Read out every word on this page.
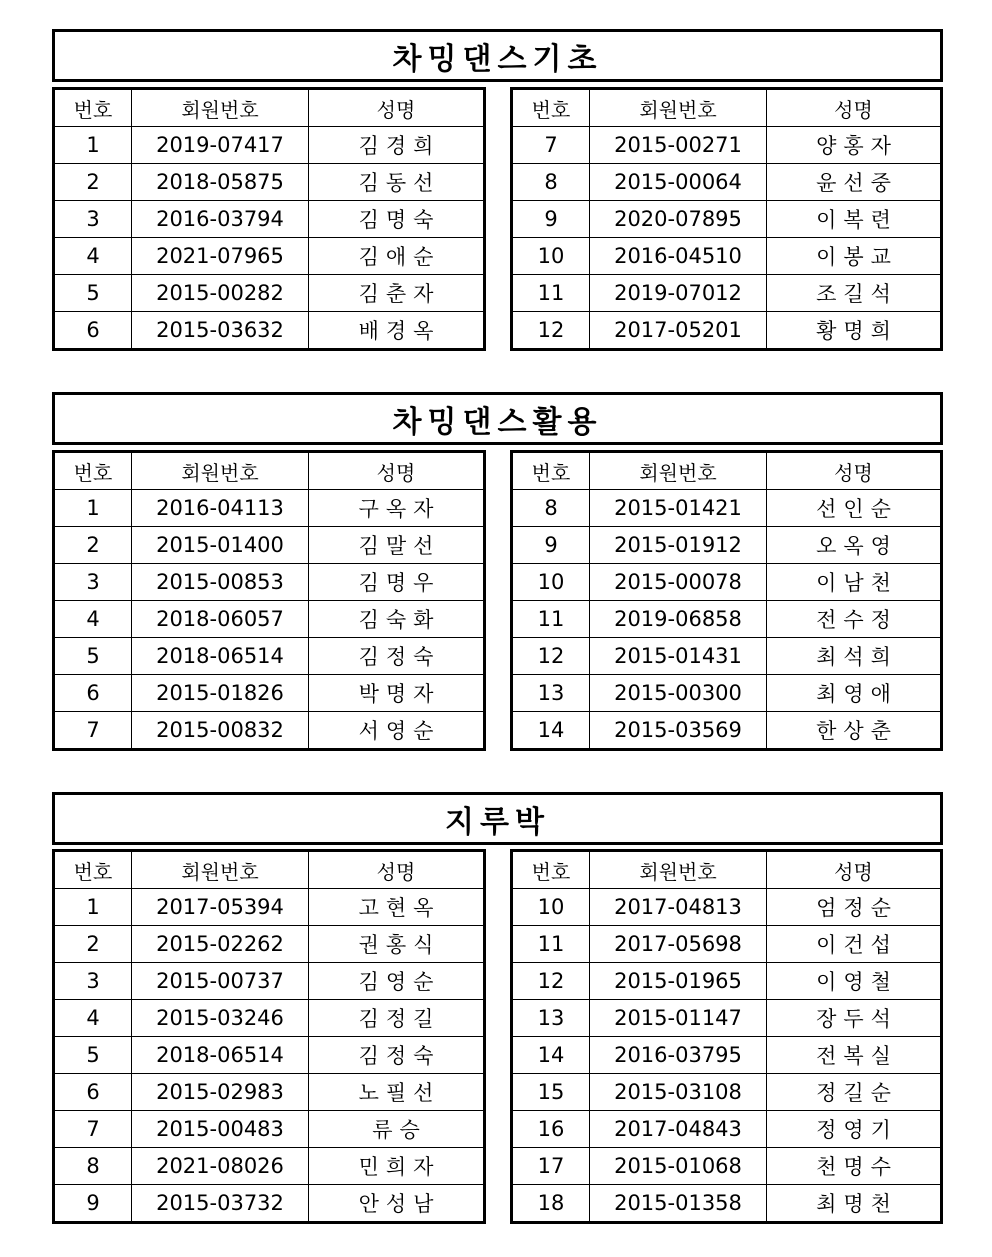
차밍댄스기초
번호	회원번호	성명
1	2019-07417	김경희
2	2018-05875	김동선
3	2016-03794	김명숙
4	2021-07965	김애순
5	2015-00282	김춘자
6	2015-03632	배경옥
번호	회원번호	성명
7	2015-00271	양홍자
8	2015-00064	윤선중
9	2020-07895	이복련
10	2016-04510	이봉교
11	2019-07012	조길석
12	2017-05201	황명희
차밍댄스활용
번호	회원번호	성명
1	2016-04113	구옥자
2	2015-01400	김말선
3	2015-00853	김명우
4	2018-06057	김숙화
5	2018-06514	김정숙
6	2015-01826	박명자
7	2015-00832	서영순
번호	회원번호	성명
8	2015-01421	선인순
9	2015-01912	오옥영
10	2015-00078	이남천
11	2019-06858	전수정
12	2015-01431	최석희
13	2015-00300	최영애
14	2015-03569	한상춘
지루박
번호	회원번호	성명
1	2017-05394	고현옥
2	2015-02262	권홍식
3	2015-00737	김영순
4	2015-03246	김정길
5	2018-06514	김정숙
6	2015-02983	노필선
7	2015-00483	류승
8	2021-08026	민희자
9	2015-03732	안성남
번호	회원번호	성명
10	2017-04813	엄정순
11	2017-05698	이건섭
12	2015-01965	이영철
13	2015-01147	장두석
14	2016-03795	전복실
15	2015-03108	정길순
16	2017-04843	정영기
17	2015-01068	천명수
18	2015-01358	최명천
